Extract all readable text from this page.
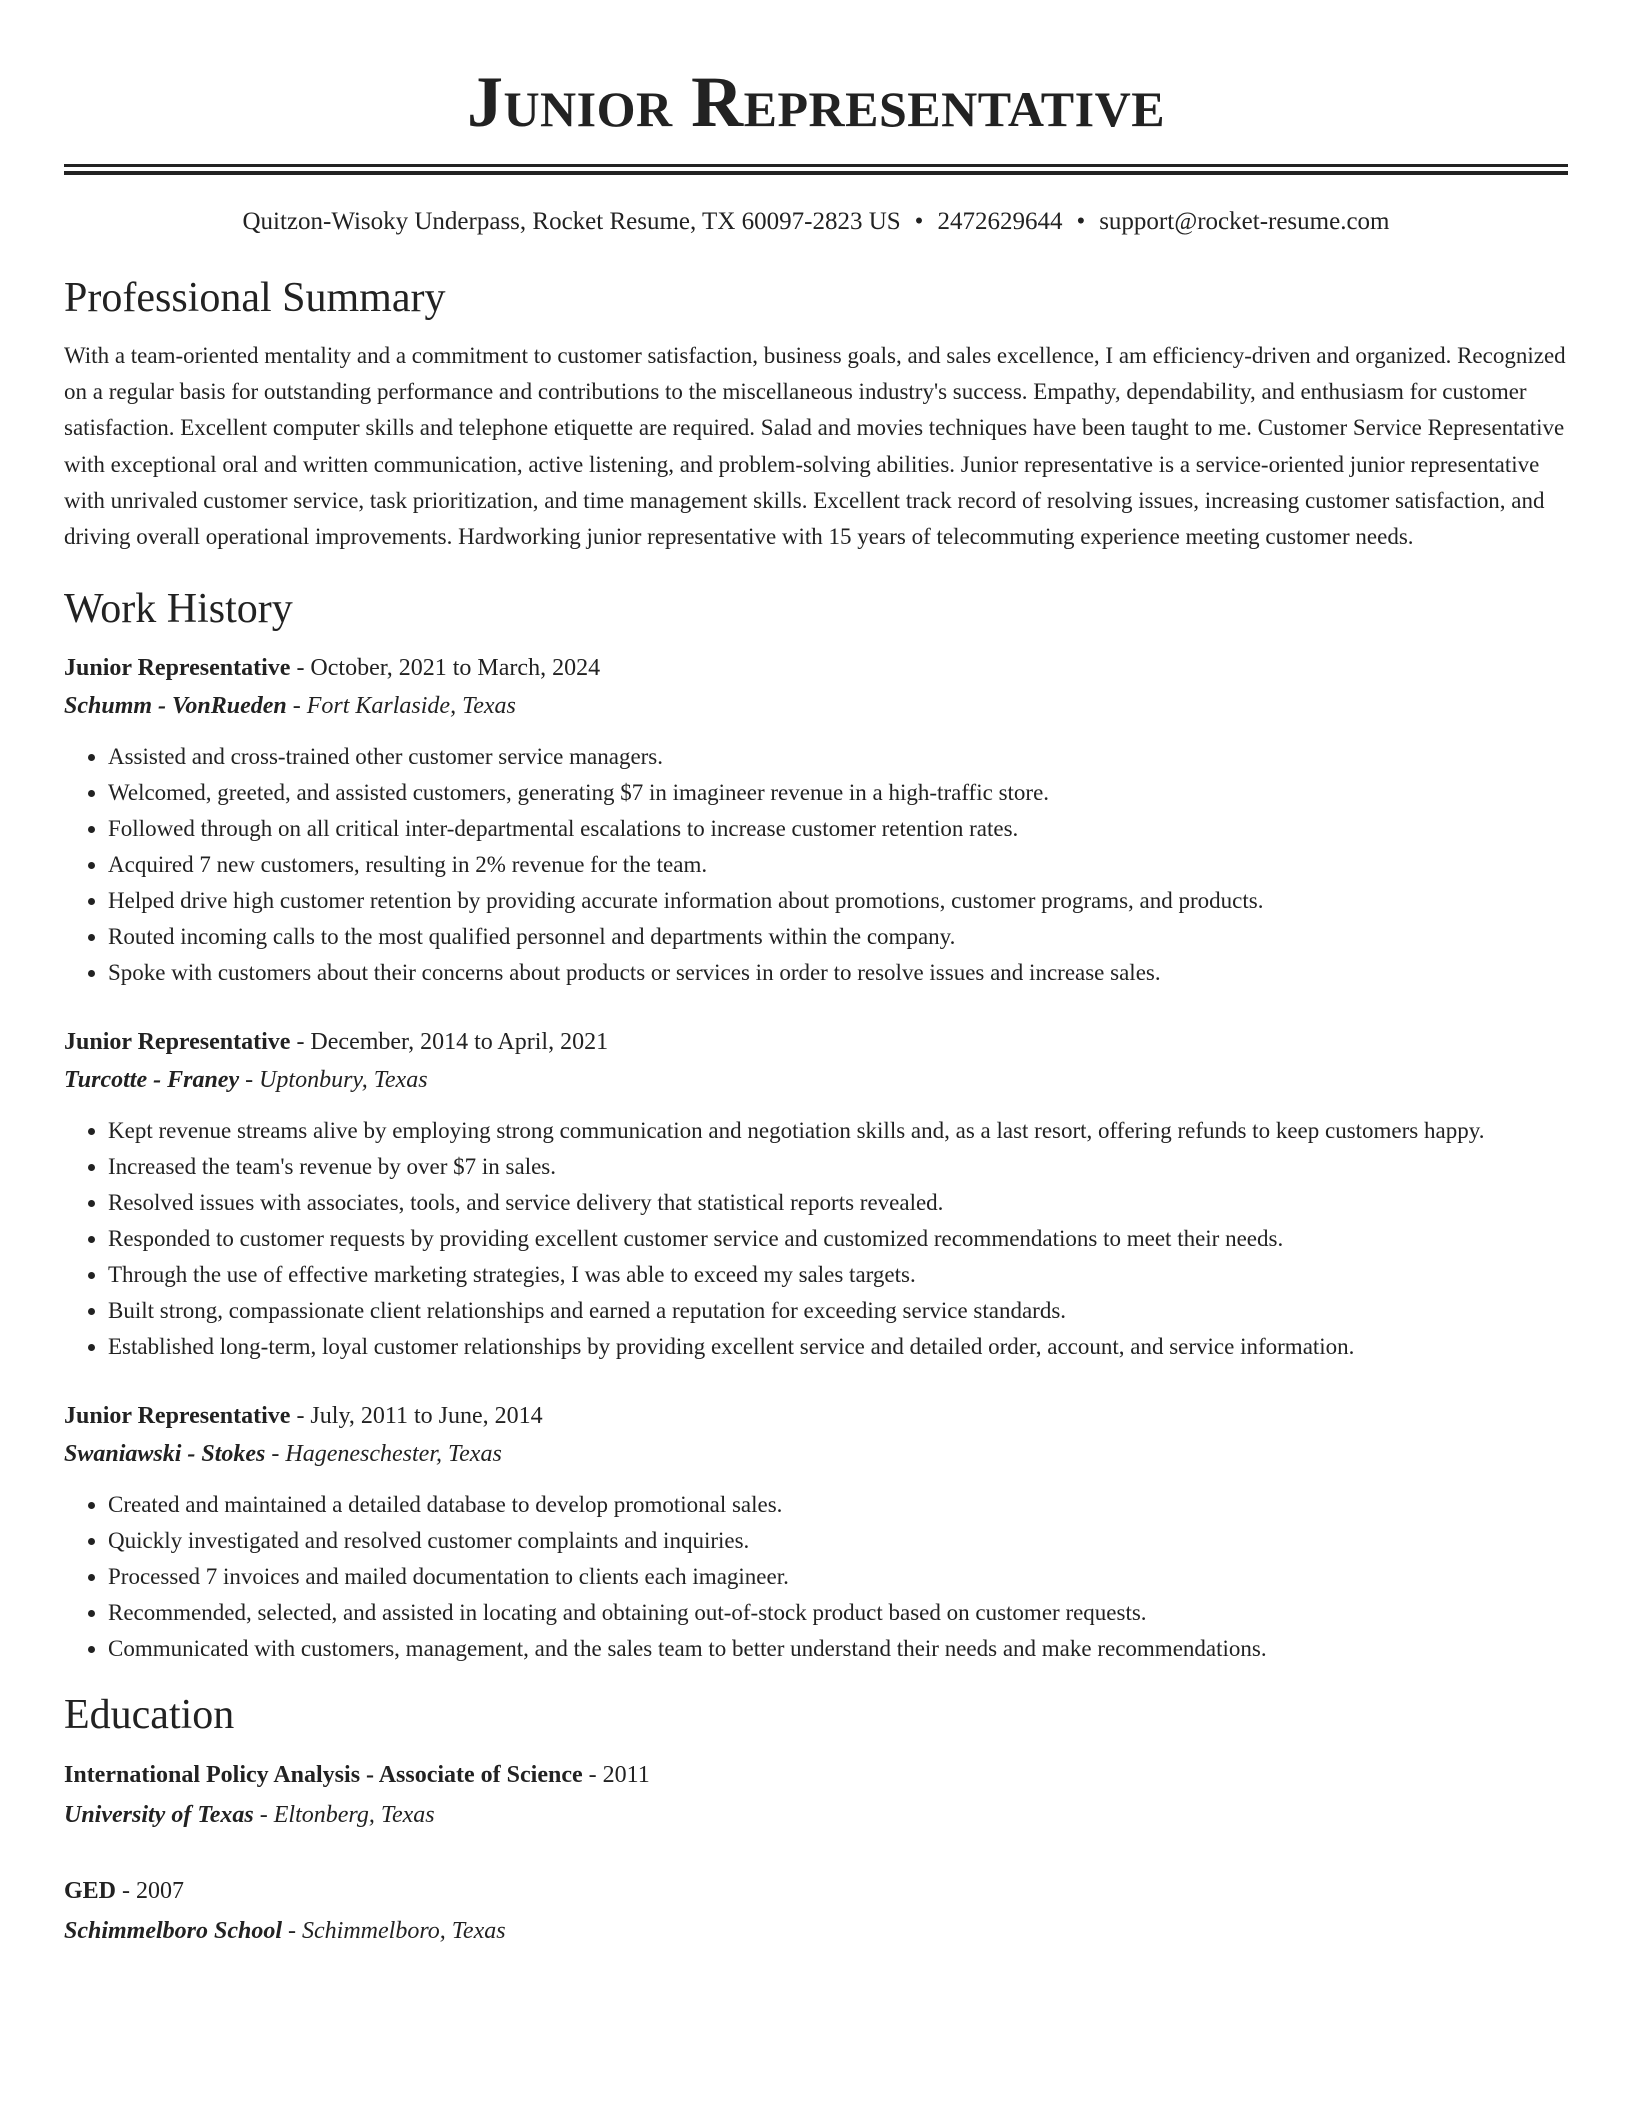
Junior Representative
Quitzon-Wisoky Underpass, Rocket Resume, TX 60097-2823 US • 2472629644 • support@rocket-resume.com
Professional Summary

With a team-oriented mentality and a commitment to customer satisfaction, business goals, and sales excellence, I am efficiency-driven and organized. Recognized on a regular basis for outstanding performance and contributions to the miscellaneous industry's success. Empathy, dependability, and enthusiasm for customer satisfaction. Excellent computer skills and telephone etiquette are required. Salad and movies techniques have been taught to me. Customer Service Representative with exceptional oral and written communication, active listening, and problem-solving abilities. Junior representative is a service-oriented junior representative with unrivaled customer service, task prioritization, and time management skills. Excellent track record of resolving issues, increasing customer satisfaction, and driving overall operational improvements. Hardworking junior representative with 15 years of telecommuting experience meeting customer needs.

Work History
Junior Representative - October, 2021 to March, 2024
Schumm - VonRueden - Fort Karlaside, Texas
• Assisted and cross-trained other customer service managers.
• Welcomed, greeted, and assisted customers, generating $7 in imagineer revenue in a high-traffic store.
• Followed through on all critical inter-departmental escalations to increase customer retention rates.
• Acquired 7 new customers, resulting in 2% revenue for the team.
• Helped drive high customer retention by providing accurate information about promotions, customer programs, and products.
• Routed incoming calls to the most qualified personnel and departments within the company.
• Spoke with customers about their concerns about products or services in order to resolve issues and increase sales.
Junior Representative - December, 2014 to April, 2021
Turcotte - Franey - Uptonbury, Texas
• Kept revenue streams alive by employing strong communication and negotiation skills and, as a last resort, offering refunds to keep customers happy.
• Increased the team's revenue by over $7 in sales.
• Resolved issues with associates, tools, and service delivery that statistical reports revealed.
• Responded to customer requests by providing excellent customer service and customized recommendations to meet their needs.
• Through the use of effective marketing strategies, I was able to exceed my sales targets.
• Built strong, compassionate client relationships and earned a reputation for exceeding service standards.
• Established long-term, loyal customer relationships by providing excellent service and detailed order, account, and service information.
Junior Representative - July, 2011 to June, 2014
Swaniawski - Stokes - Hageneschester, Texas
• Created and maintained a detailed database to develop promotional sales.
• Quickly investigated and resolved customer complaints and inquiries.
• Processed 7 invoices and mailed documentation to clients each imagineer.
• Recommended, selected, and assisted in locating and obtaining out-of-stock product based on customer requests.
• Communicated with customers, management, and the sales team to better understand their needs and make recommendations.
Education
International Policy Analysis - Associate of Science - 2011
University of Texas - Eltonberg, Texas
GED - 2007
Schimmelboro School - Schimmelboro, Texas
